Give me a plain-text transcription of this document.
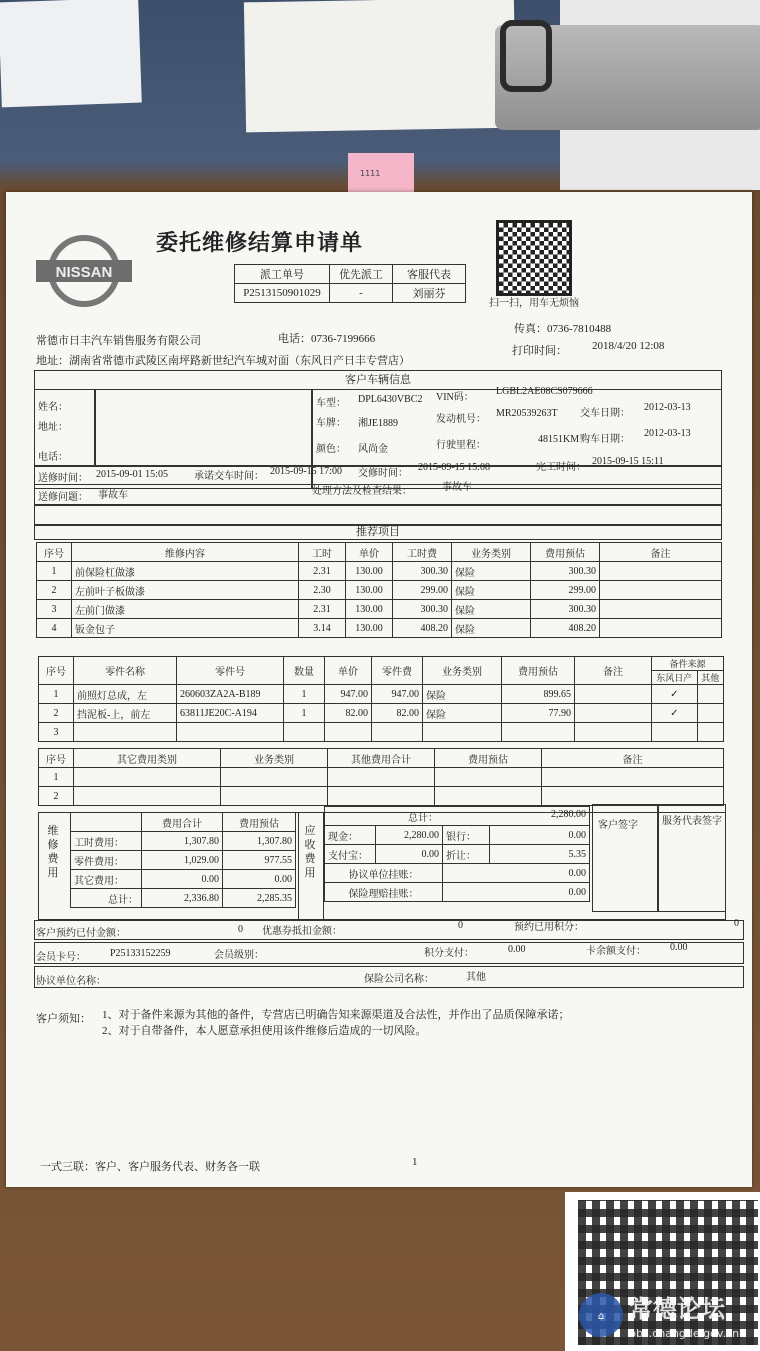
1111
NISSAN
委托维修结算申请单
派工单号	优先派工	客服代表
P2513150901029	-	刘丽芬
扫一扫，用车无烦恼
常德市日丰汽车销售服务有限公司	电话：0736-7199666
传真：0736-7810488
地址：湖南省常德市武陵区南坪路新世纪汽车城对面（东风日产日丰专营店）
打印时间： 2018/4/20 12:08
客户车辆信息
姓名：
地址：
电话：
车型： DPL6430VBC2 VIN码：
LGBL2AE08CS079666
交车日期：
2012-03-13
车牌： 湘JE1889	发动机号：
MR20539263T
颜色： 风尚金	行驶里程：
48151KM 购车日期：
2012-03-13
送修时间： 2015-09-01 15:05	承诺交车时间： 2015-09-15 17:00 交修时间：
2015-09-15 15:08	完工时间：
2015-09-15 15:11
送修问题： 事故车	处理方法及检查结果：	事故车
推荐项目
序号	维修内容	工时	单价	工时费	业务类别	费用预估	备注
1	前保险杠做漆	2.31	130.00	300.30	保险	300.30	
2	左前叶子板做漆	2.30	130.00	299.00	保险	299.00	
3	左前门做漆	2.31	130.00	300.30	保险	300.30	
4	钣金包子	3.14	130.00	408.20	保险	408.20	
序号	零件名称	零件号	数量	单价	零件费	业务类别	费用预估	备注	备件来源	
									东风日产	其他
1	前照灯总成，左	260603ZA2A-B189	1	947.00	947.00	保险	899.65		✓	
2	挡泥板-上，前左	63811JE20C-A194	1	82.00	82.00	保险	77.90		✓	
3										
序号	其它费用类别	业务类别	其他费用合计	费用预估	备注
1					
2					
维修费用
	费用合计	费用预估
工时费用：	1,307.80	1,307.80
零件费用：	1,029.00	977.55
其它费用：	0.00	0.00
总计：	2,336.80	2,285.35
应收费用
总计： 2,280.00			

现金：	2,280.00	银行：	0.00
支付宝：	0.00	折让：	5.35
协议单位挂账：		0.00	
保险理赔挂账：		0.00	
客户签字 服务代表签字
客户预约已付金额：	0 优惠券抵扣金额：
0	预约已用积分：	0
会员卡号： P25133152259	会员级别：	积分支付：	0.00	卡余额支付： 0.00
协议单位名称：	保险公司名称：	其他
客户须知： 1、对于备件来源为其他的备件，专营店已明确告知来源渠道及合法性，并作出了品质保障承诺；
2、对于自带备件，本人愿意承担使用该件维修后造成的一切风险。
一式三联：客户、客户服务代表、财务各一联	1
⌂ 常德论坛
bbs.changde.gov.cn
